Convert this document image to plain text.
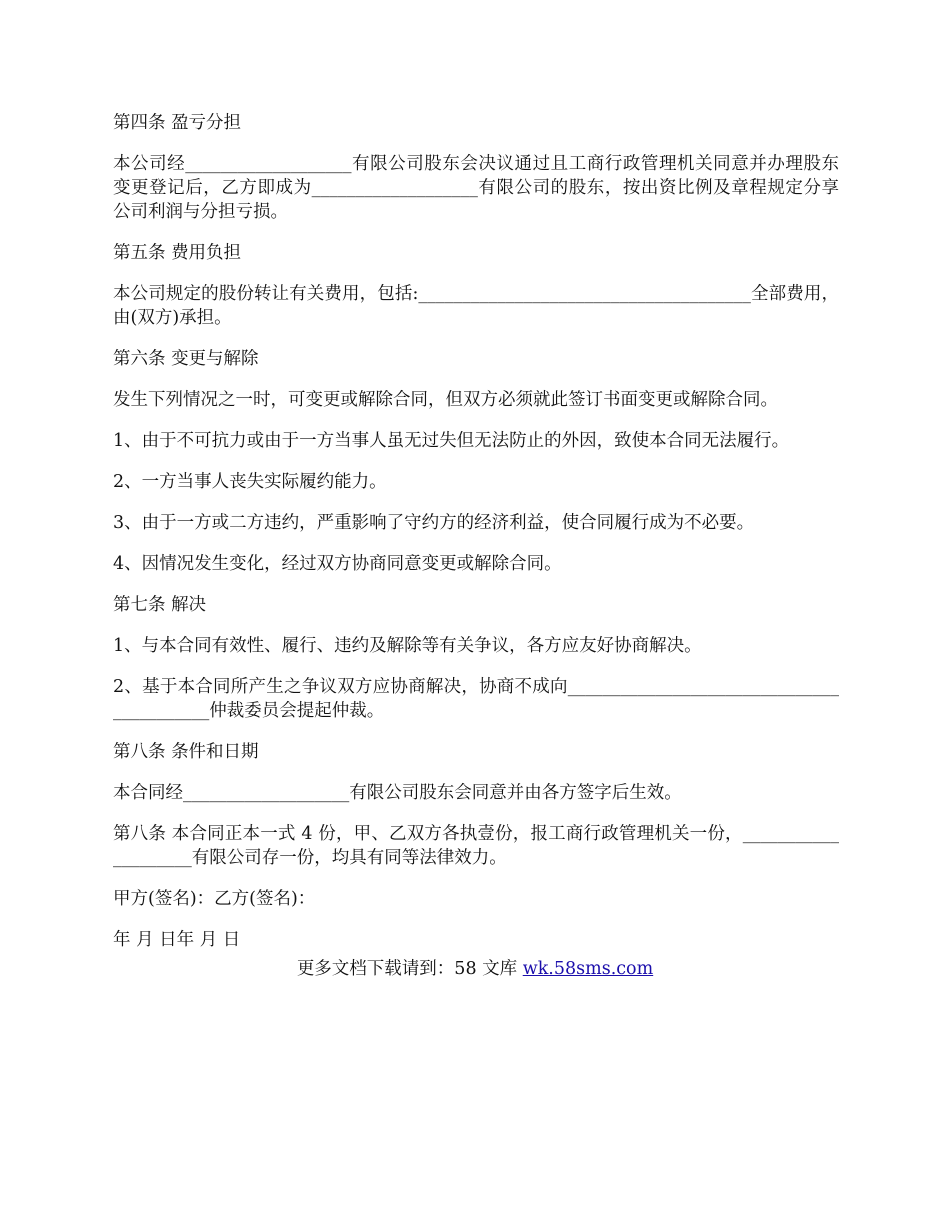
第四条 盈亏分担

本公司经___________________有限公司股东会决议通过且工商行政管理机关同意并办理股东变更登记后，乙方即成为___________________有限公司的股东，按出资比例及章程规定分享公司利润与分担亏损。

第五条 费用负担

本公司规定的股份转让有关费用，包括:______________________________________全部费用，由(双方)承担。

第六条 变更与解除

发生下列情况之一时，可变更或解除合同，但双方必须就此签订书面变更或解除合同。

1、由于不可抗力或由于一方当事人虽无过失但无法防止的外因，致使本合同无法履行。

2、一方当事人丧失实际履约能力。

3、由于一方或二方违约，严重影响了守约方的经济利益，使合同履行成为不必要。

4、因情况发生变化，经过双方协商同意变更或解除合同。

第七条 解决

1、与本合同有效性、履行、违约及解除等有关争议，各方应友好协商解决。

2、基于本合同所产生之争议双方应协商解决，协商不成向__________________________________________仲裁委员会提起仲裁。

第八条 条件和日期

本合同经___________________有限公司股东会同意并由各方签字后生效。

第八条 本合同正本一式 4 份，甲、乙双方各执壹份，报工商行政管理机关一份，____________________有限公司存一份，均具有同等法律效力。

甲方(签名)：乙方(签名)：

年 月 日年 月 日

更多文档下载请到：58 文库 wk.58sms.com
